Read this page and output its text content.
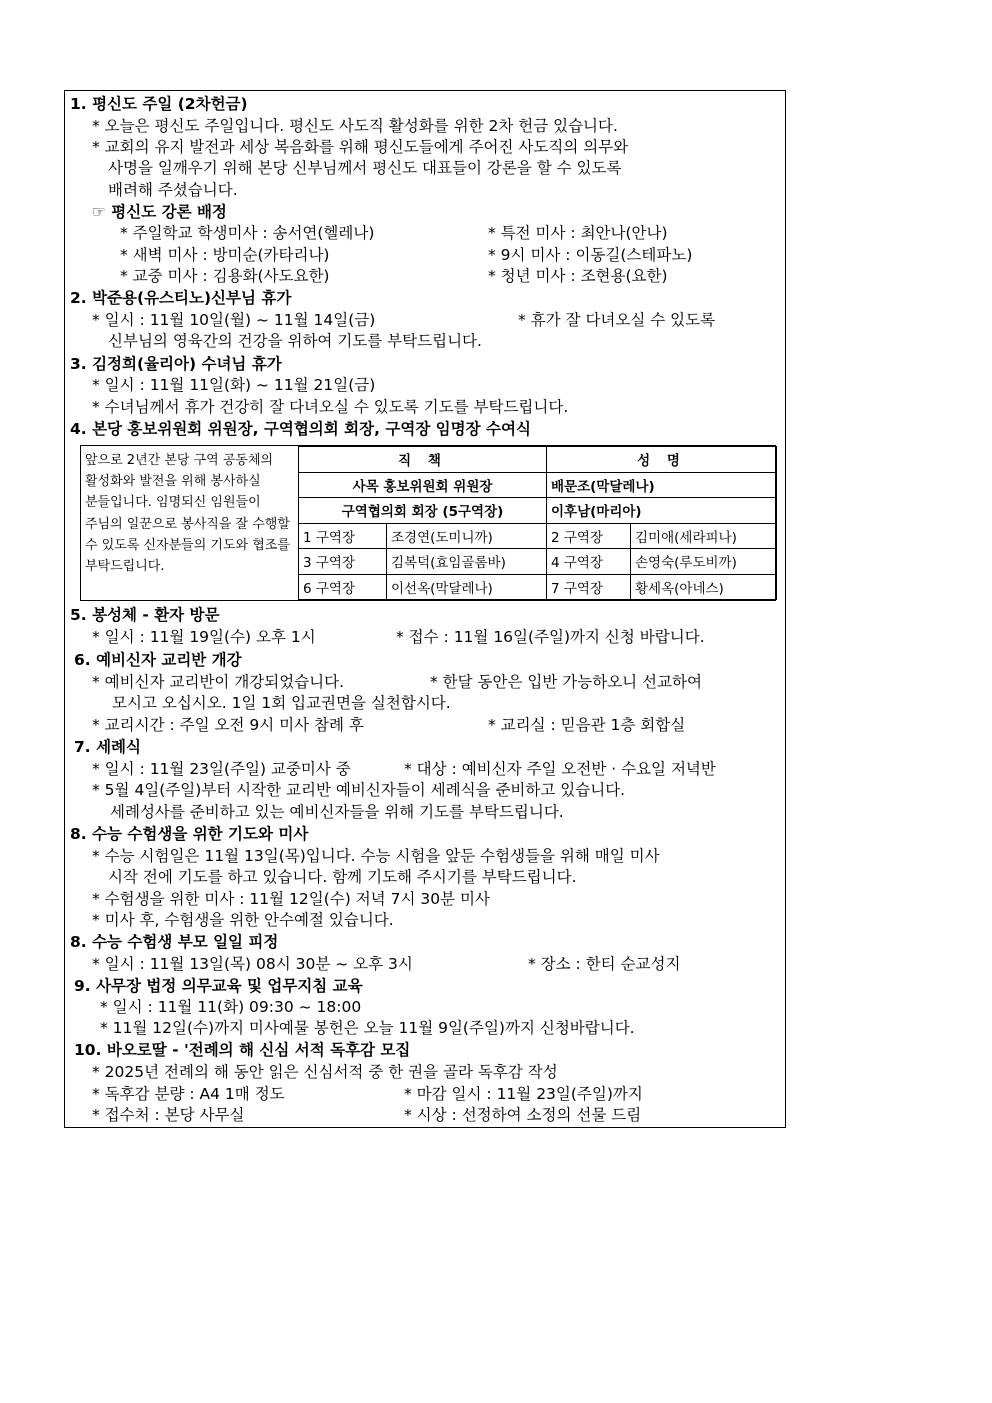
1. 평신도 주일 (2차헌금)
* 오늘은 평신도 주일입니다. 평신도 사도직 활성화를 위한 2차 헌금 있습니다.
* 교회의 유지 발전과 세상 복음화를 위해 평신도들에게 주어진 사도직의 의무와
사명을 일깨우기 위해 본당 신부님께서 평신도 대표들이 강론을 할 수 있도록
배려해 주셨습니다.
☞ 평신도 강론 배정
* 주일학교 학생미사 : 송서연(헬레나)	* 특전 미사 : 최안나(안나)
* 새벽 미사 : 방미순(카타리나)	* 9시 미사 : 이동길(스테파노)
* 교중 미사 : 김용화(사도요한)	* 청년 미사 : 조현용(요한)
2. 박준용(유스티노)신부님 휴가
* 일시 : 11월 10일(월) ~ 11월 14일(금)	* 휴가 잘 다녀오실 수 있도록
신부님의 영육간의 건강을 위하여 기도를 부탁드립니다.
3. 김정희(율리아) 수녀님 휴가
* 일시 : 11월 11일(화) ~ 11월 21일(금)
* 수녀님께서 휴가 건강히 잘 다녀오실 수 있도록 기도를 부탁드립니다.
4. 본당 홍보위원회 위원장, 구역협의회 회장, 구역장 임명장 수여식
앞으로 2년간 본당 구역 공동체의 활성화와 발전을 위해 봉사하실 분들입니다. 임명되신 임원들이 주님의 일꾼으로 봉사직을 잘 수행할 수 있도록 신자분들의 기도와 협조를 부탁드립니다.
직 책		성 명	
사목 홍보위원회 위원장		배문조(막달레나)	
구역협의회 회장 (5구역장)		이후남(마리아)	
1 구역장	조경연(도미니까)	2 구역장	김미애(세라피나)
3 구역장	김복덕(효임골롬바)	4 구역장	손영숙(루도비까)
6 구역장	이선옥(막달레나)	7 구역장	황세옥(아네스)
5. 봉성체 - 환자 방문
* 일시 : 11월 19일(수) 오후 1시	* 접수 : 11월 16일(주일)까지 신청 바랍니다.
6. 예비신자 교리반 개강
* 예비신자 교리반이 개강되었습니다.	* 한달 동안은 입반 가능하오니 선교하여
모시고 오십시오. 1일 1회 입교권면을 실천합시다.
* 교리시간 : 주일 오전 9시 미사 참례 후	* 교리실 : 믿음관 1층 회합실
7. 세례식
* 일시 : 11월 23일(주일) 교중미사 중	* 대상 : 예비신자 주일 오전반 · 수요일 저녁반
* 5월 4일(주일)부터 시작한 교리반 예비신자들이 세례식을 준비하고 있습니다.
세례성사를 준비하고 있는 예비신자들을 위해 기도를 부탁드립니다.
8. 수능 수험생을 위한 기도와 미사
* 수능 시험일은 11월 13일(목)입니다. 수능 시험을 앞둔 수험생들을 위해 매일 미사
시작 전에 기도를 하고 있습니다. 함께 기도해 주시기를 부탁드립니다.
* 수험생을 위한 미사 : 11월 12일(수) 저녁 7시 30분 미사
* 미사 후, 수험생을 위한 안수예절 있습니다.
8. 수능 수험생 부모 일일 피정
* 일시 : 11월 13일(목) 08시 30분 ~ 오후 3시	* 장소 : 한티 순교성지
9. 사무장 법정 의무교육 및 업무지침 교육
* 일시 : 11월 11(화) 09:30 ~ 18:00
* 11월 12일(수)까지 미사예물 봉헌은 오늘 11월 9일(주일)까지 신청바랍니다.
10. 바오로딸 - '전례의 해 신심 서적 독후감 모집
* 2025년 전례의 해 동안 읽은 신심서적 중 한 권을 골라 독후감 작성
* 독후감 분량 : A4 1매 정도	* 마감 일시 : 11월 23일(주일)까지
* 접수처 : 본당 사무실	* 시상 : 선정하여 소정의 선물 드림
